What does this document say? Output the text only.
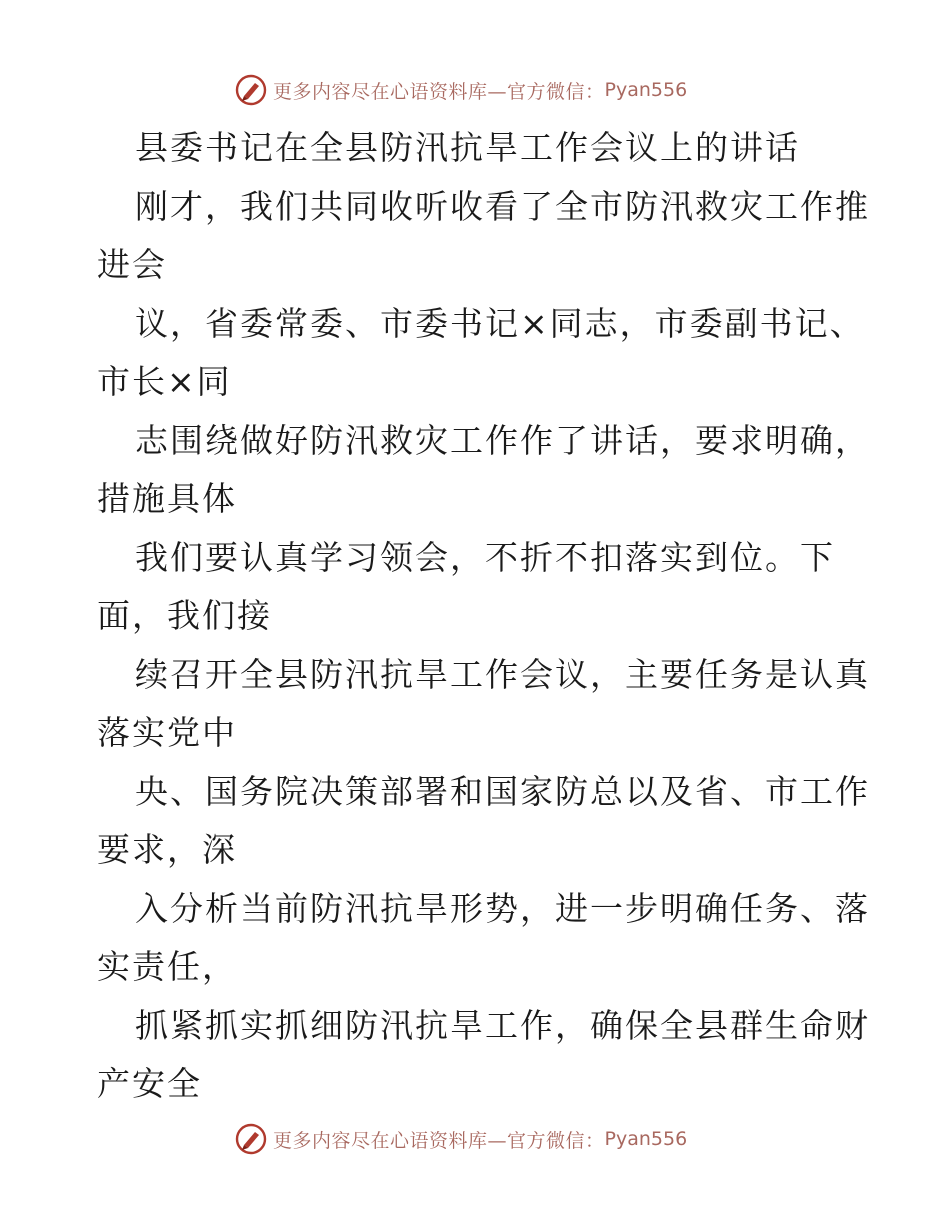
更多内容尽在心语资料库—官方微信： Pyan556
县委书记在全县防汛抗旱工作会议上的讲话
刚才，我们共同收听收看了全市防汛救灾工作推
进会
议，省委常委、市委书记×同志，市委副书记、
市长×同
志围绕做好防汛救灾工作作了讲话，要求明确，
措施具体
我们要认真学习领会，不折不扣落实到位。下
面，我们接
续召开全县防汛抗旱工作会议，主要任务是认真
落实党中
央、国务院决策部署和国家防总以及省、市工作
要求，深
入分析当前防汛抗旱形势，进一步明确任务、落
实责任，
抓紧抓实抓细防汛抗旱工作，确保全县群生命财
产安全
更多内容尽在心语资料库—官方微信： Pyan556
